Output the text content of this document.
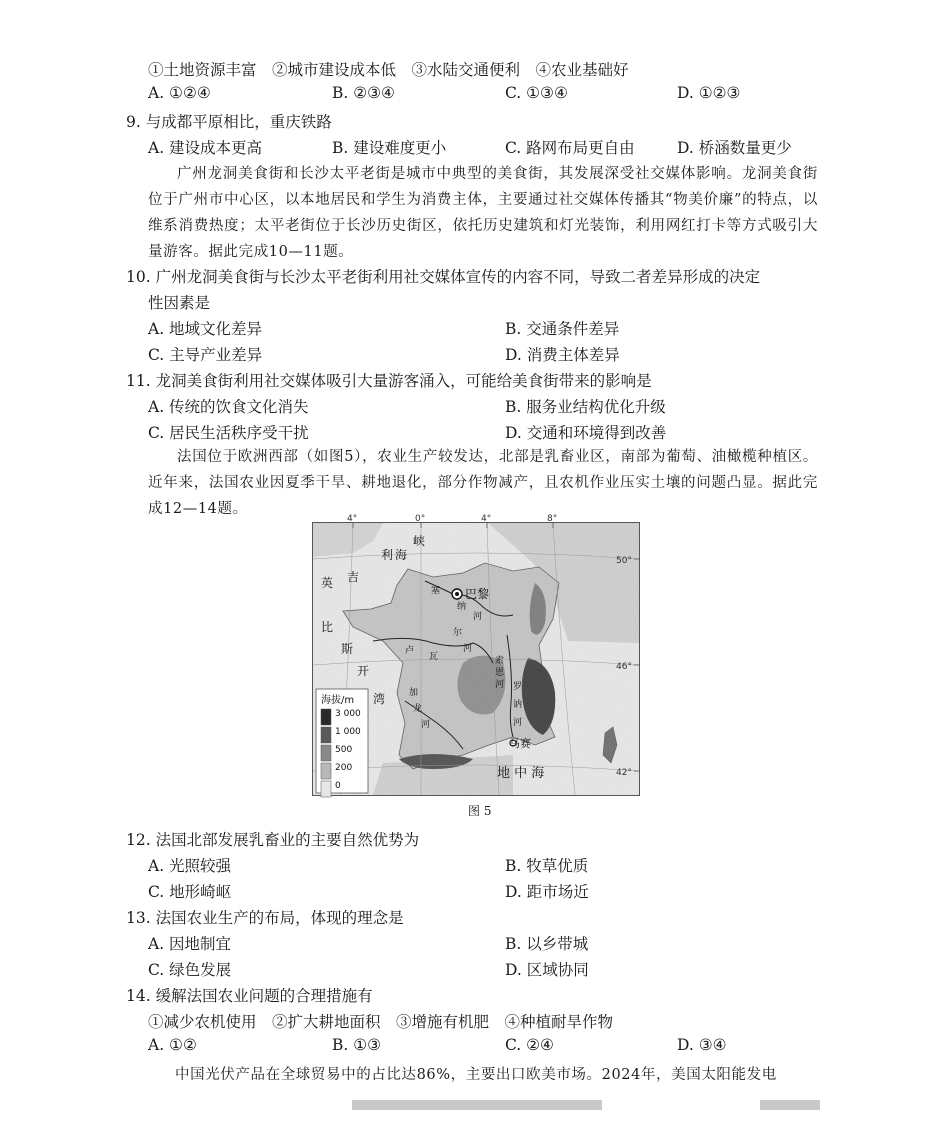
①土地资源丰富　②城市建设成本低　③水陆交通便利　④农业基础好
A. ①②④	B. ②③④	C. ①③④	D. ①②③
9. 与成都平原相比，重庆铁路
A. 建设成本更高	B. 建设难度更小	C. 路网布局更自由	D. 桥涵数量更少

广州龙洞美食街和长沙太平老街是城市中典型的美食街，其发展深受社交媒体影响。龙洞美食街位于广州市中心区，以本地居民和学生为消费主体，主要通过社交媒体传播其“物美价廉”的特点，以维系消费热度；太平老街位于长沙历史街区，依托历史建筑和灯光装饰，利用网红打卡等方式吸引大量游客。据此完成10—11题。

10. 广州龙洞美食街与长沙太平老街利用社交媒体宣传的内容不同，导致二者差异形成的决定
性因素是
A. 地域文化差异	B. 交通条件差异
C. 主导产业差异	D. 消费主体差异
11. 龙洞美食街利用社交媒体吸引大量游客涌入，可能给美食街带来的影响是
A. 传统的饮食文化消失	B. 服务业结构优化升级
C. 居民生活秩序受干扰	D. 交通和环境得到改善

法国位于欧洲西部（如图5），农业生产较发达，北部是乳畜业区，南部为葡萄、油橄榄种植区。近年来，法国农业因夏季干旱、耕地退化，部分作物减产，且农机作业压实土壤的问题凸显。据此完成12—14题。

峡
利 海
英 吉
比
斯
开
湾
巴黎
马赛
地 中 海
塞
纳
河
卢
瓦
尔
河
加
龙
河
索
恩
河 罗
讷
河
4°	0°	4°	8°
50°
46°
42°
海拔/m
3 000
1 000
500
200
0
图 5
12. 法国北部发展乳畜业的主要自然优势为
A. 光照较强	B. 牧草优质
C. 地形崎岖	D. 距市场近
13. 法国农业生产的布局，体现的理念是
A. 因地制宜	B. 以乡带城
C. 绿色发展	D. 区域协同
14. 缓解法国农业问题的合理措施有
①减少农机使用　②扩大耕地面积　③增施有机肥　④种植耐旱作物
A. ①②	B. ①③	C. ②④	D. ③④
中国光伏产品在全球贸易中的占比达86%，主要出口欧美市场。2024年，美国太阳能发电
